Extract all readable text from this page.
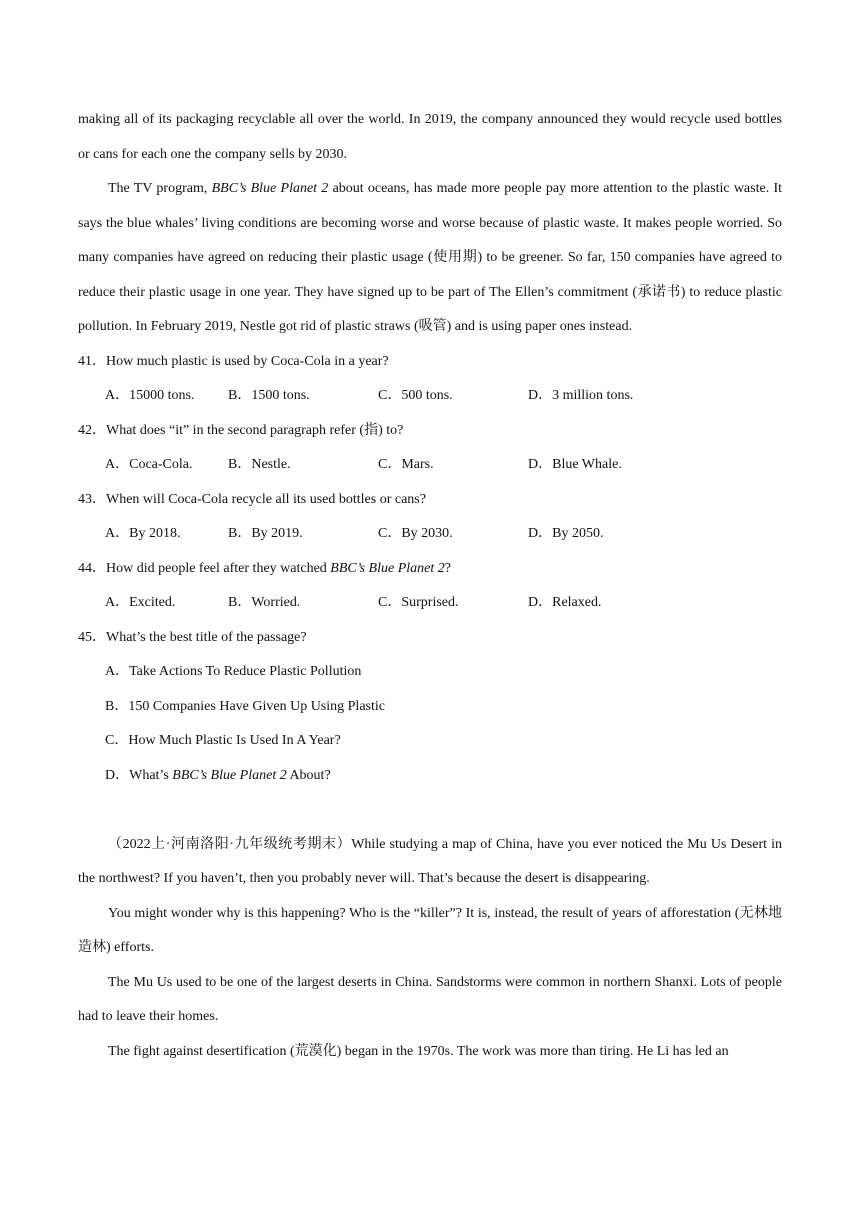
making all of its packaging recyclable all over the world. In 2019, the company announced they would recycle used bottles or cans for each one the company sells by 2030.

The TV program, BBC’s Blue Planet 2 about oceans, has made more people pay more attention to the plastic waste. It says the blue whales’ living conditions are becoming worse and worse because of plastic waste. It makes people worried. So many companies have agreed on reducing their plastic usage (使用期) to be greener. So far, 150 companies have agreed to reduce their plastic usage in one year. They have signed up to be part of The Ellen’s commitment (承诺书) to reduce plastic pollution. In February 2019, Nestle got rid of plastic straws (吸管) and is using paper ones instead.

41．How much plastic is used by Coca-Cola in a year?

A．15000 tons. B．1500 tons.	C．500 tons.	D．3 million tons.

42．What does “it” in the second paragraph refer (指) to?

A．Coca-Cola.	B．Nestle.	C．Mars.	D．Blue Whale.

43．When will Coca-Cola recycle all its used bottles or cans?

A．By 2018.	B．By 2019.	C．By 2030.	D．By 2050.

44．How did people feel after they watched BBC’s Blue Planet 2?

A．Excited.	B．Worried.	C．Surprised.	D．Relaxed.

45．What’s the best title of the passage?

A．Take Actions To Reduce Plastic Pollution

B．150 Companies Have Given Up Using Plastic

C．How Much Plastic Is Used In A Year?

D．What’s BBC’s Blue Planet 2 About?

（2022上·河南洛阳·九年级统考期末）While studying a map of China, have you ever noticed the Mu Us Desert in the northwest? If you haven’t, then you probably never will. That’s because the desert is disappearing.

You might wonder why is this happening? Who is the “killer”? It is, instead, the result of years of afforestation (无林地造林) efforts.

The Mu Us used to be one of the largest deserts in China. Sandstorms were common in northern Shanxi. Lots of people had to leave their homes.

The fight against desertification (荒漠化) began in the 1970s. The work was more than tiring. He Li has led an
